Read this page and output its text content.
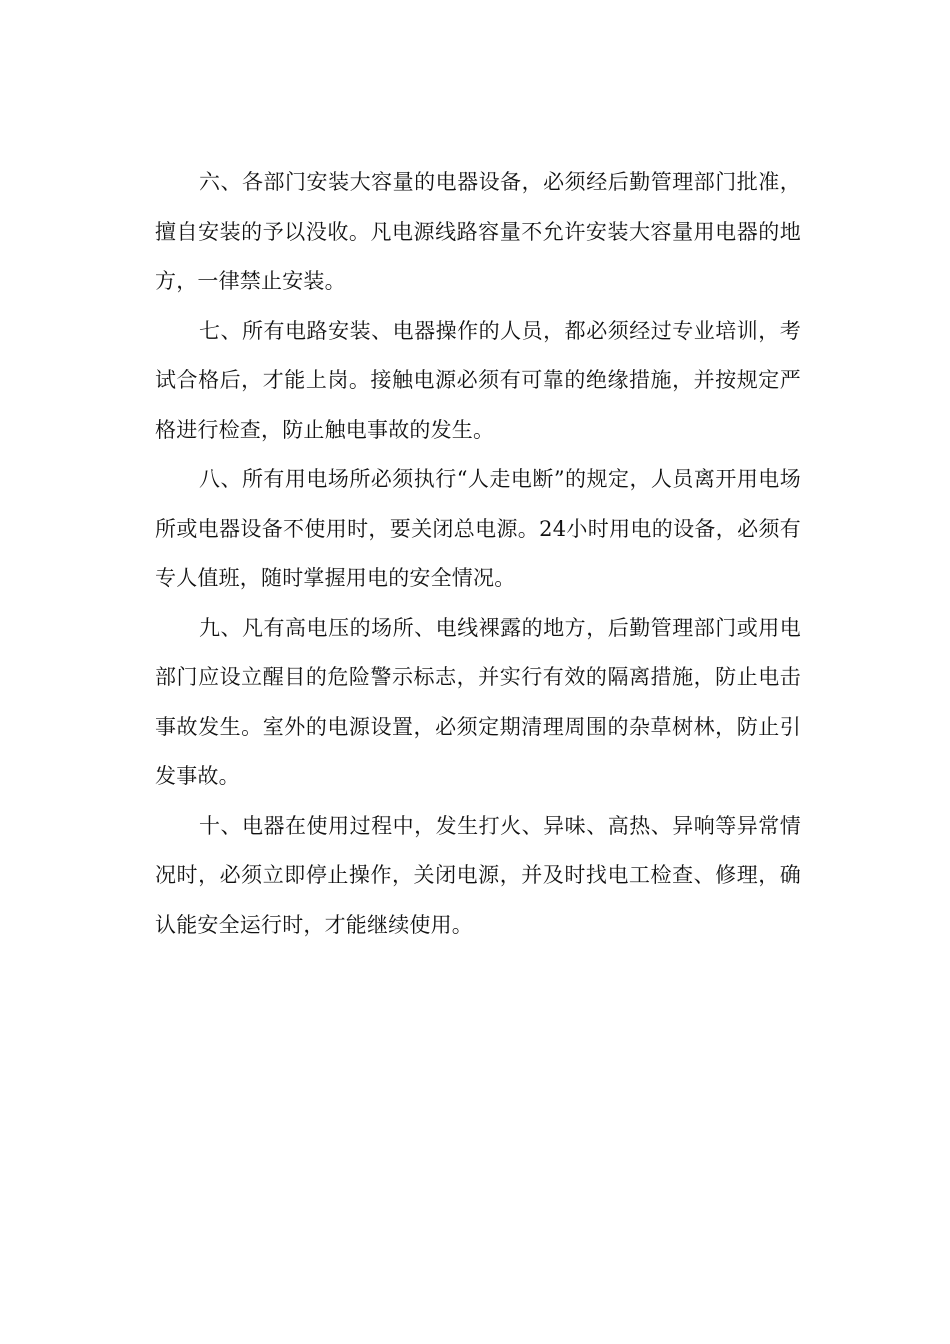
六、各部门安装大容量的电器设备，必须经后勤管理部门批准，擅自安装的予以没收。凡电源线路容量不允许安装大容量用电器的地方，一律禁止安装。

七、所有电路安装、电器操作的人员，都必须经过专业培训，考试合格后，才能上岗。接触电源必须有可靠的绝缘措施，并按规定严格进行检查，防止触电事故的发生。

八、所有用电场所必须执行“人走电断”的规定，人员离开用电场所或电器设备不使用时，要关闭总电源。24小时用电的设备，必须有专人值班，随时掌握用电的安全情况。

九、凡有高电压的场所、电线裸露的地方，后勤管理部门或用电部门应设立醒目的危险警示标志，并实行有效的隔离措施，防止电击事故发生。室外的电源设置，必须定期清理周围的杂草树林，防止引发事故。

十、电器在使用过程中，发生打火、异味、高热、异响等异常情况时，必须立即停止操作，关闭电源，并及时找电工检查、修理，确认能安全运行时，才能继续使用。
